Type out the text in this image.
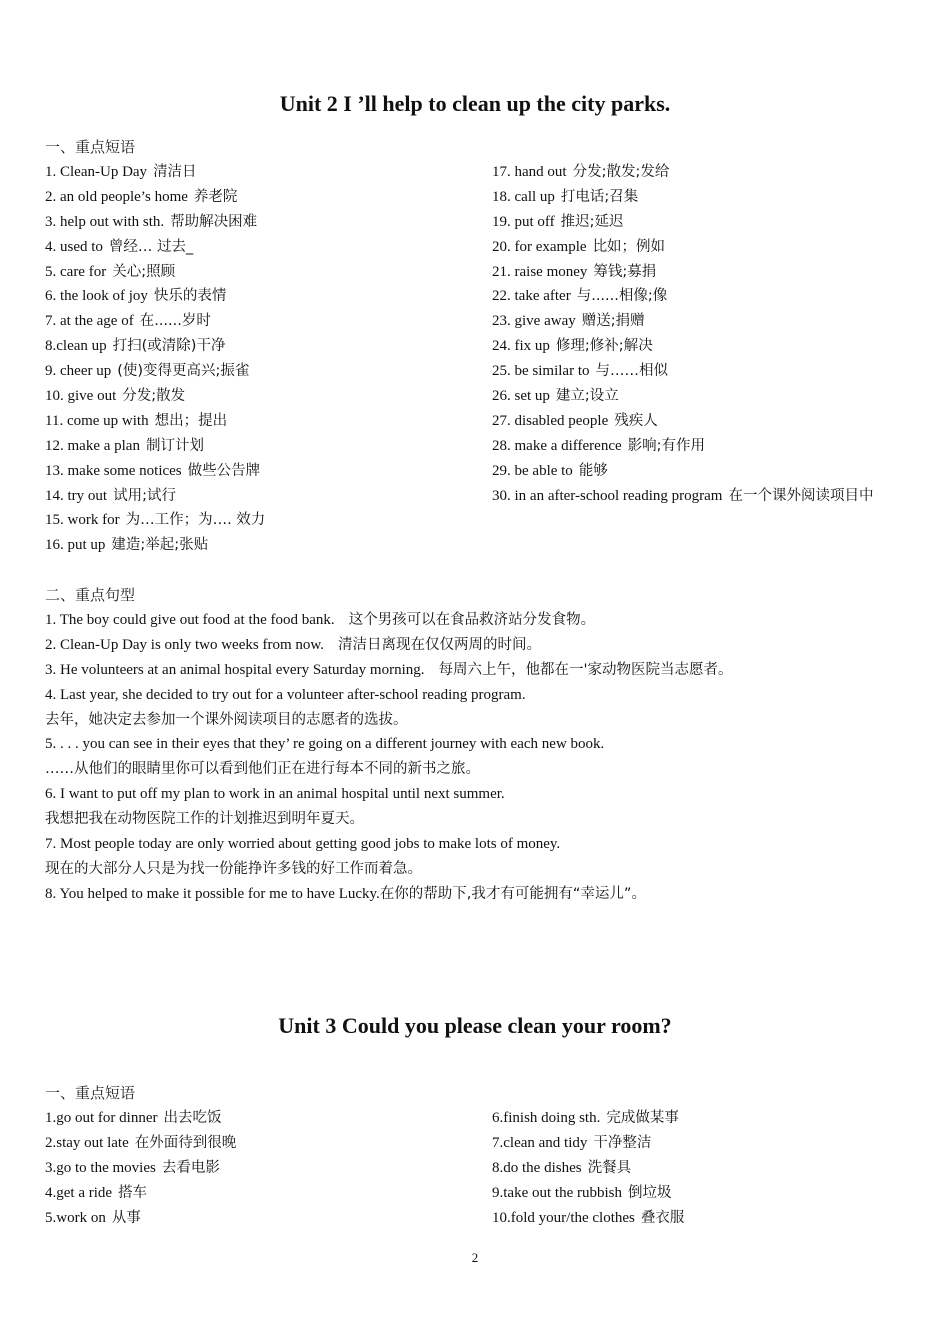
Unit 2 I ’ll help to clean up the city parks.
一、重点短语
1. Clean-Up Day 清洁日
2. an old people’s home 养老院
3. help out with sth. 帮助解决困难
4. used to 曾经… 过去_
5. care for 关心;照顾
6. the look of joy 快乐的表情
7. at the age of 在......岁时
8.clean up 打扫(或清除)干净
9. cheer up (使)变得更高兴;振雀
10. give out 分发;散发
11. come up with 想出；提出
12. make a plan 制订计划
13. make some notices 做些公告牌
14. try out 试用;试行
15. work for 为…工作；为…. 效力
16. put up 建造;举起;张贴
17. hand out 分发;散发;发给
18. call up 打电话;召集
19. put off 推迟;延迟
20. for example 比如；例如
21. raise money 筹钱;募捐
22. take after 与......相像;像
23. give away 赠送;捐赠
24. fix up 修理;修补;解决
25. be similar to 与……相似
26. set up 建立;设立
27. disabled people 残疾人
28. make a difference 影响;有作用
29. be able to 能够
30. in an after-school reading program 在一个课外阅读项目中
二、重点句型
1. The boy could give out food at the food bank. 这个男孩可以在食品救济站分发食物。
2. Clean-Up Day is only two weeks from now. 清洁日离现在仅仅两周的时间。
3. He volunteers at an animal hospital every Saturday morning. 每周六上午，他都在一'家动物医院当志愿者。
4. Last year, she decided to try out for a volunteer after-school reading program.
去年，她决定去参加一个课外阅读项目的志愿者的选拔。
5. . . . you can see in their eyes that they’ re going on a different journey with each new book.
……从他们的眼睛里你可以看到他们正在进行每本不同的新书之旅。
6. I want to put off my plan to work in an animal hospital until next summer.
我想把我在动物医院工作的计划推迟到明年夏天。
7. Most people today are only worried about getting good jobs to make lots of money.
现在的大部分人只是为找一份能挣许多钱的好工作而着急。
8. You helped to make it possible for me to have Lucky.在你的帮助下,我才有可能拥有“幸运儿”。
Unit 3 Could you please clean your room?
一、重点短语
1.go out for dinner 出去吃饭
2.stay out late 在外面待到很晚
3.go to the movies 去看电影
4.get a ride 搭车
5.work on 从事
6.finish doing sth. 完成做某事
7.clean and tidy 干净整洁
8.do the dishes 洗餐具
9.take out the rubbish 倒垃圾
10.fold your/the clothes 叠衣服
2
